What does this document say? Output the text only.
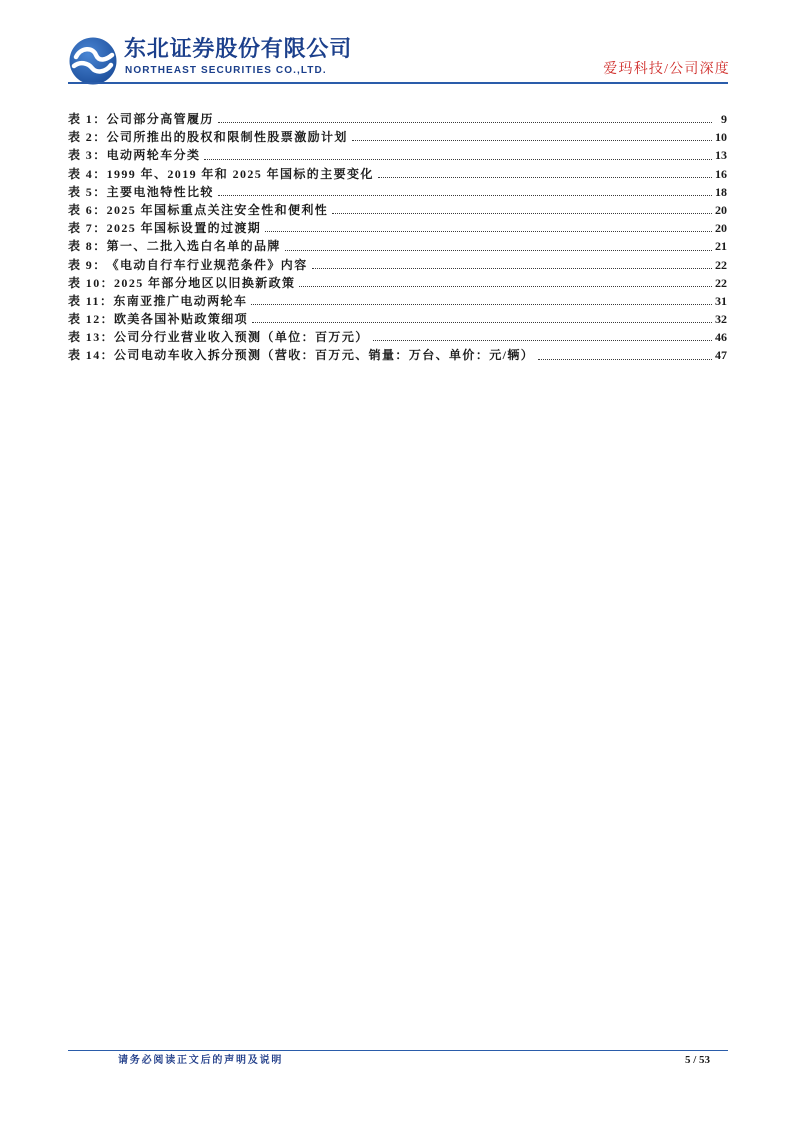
东北证券股份有限公司
NORTHEAST SECURITIES CO.,LTD.	爱玛科技/公司深度
表 1： 公司部分高管履历	9
表 2： 公司所推出的股权和限制性股票激励计划	10
表 3： 电动两轮车分类	13
表 4： 1999 年、2019 年和 2025 年国标的主要变化	16
表 5： 主要电池特性比较	18
表 6： 2025 年国标重点关注安全性和便利性	20
表 7： 2025 年国标设置的过渡期	20
表 8： 第一、二批入选白名单的品牌	21
表 9： 《电动自行车行业规范条件》内容	22
表 10： 2025 年部分地区以旧换新政策	22
表 11： 东南亚推广电动两轮车	31
表 12： 欧美各国补贴政策细项	32
表 13： 公司分行业营业收入预测（单位：百万元）	46
表 14： 公司电动车收入拆分预测（营收：百万元、销量：万台、单价：元/辆）	47
请务必阅读正文后的声明及说明	5 / 53
